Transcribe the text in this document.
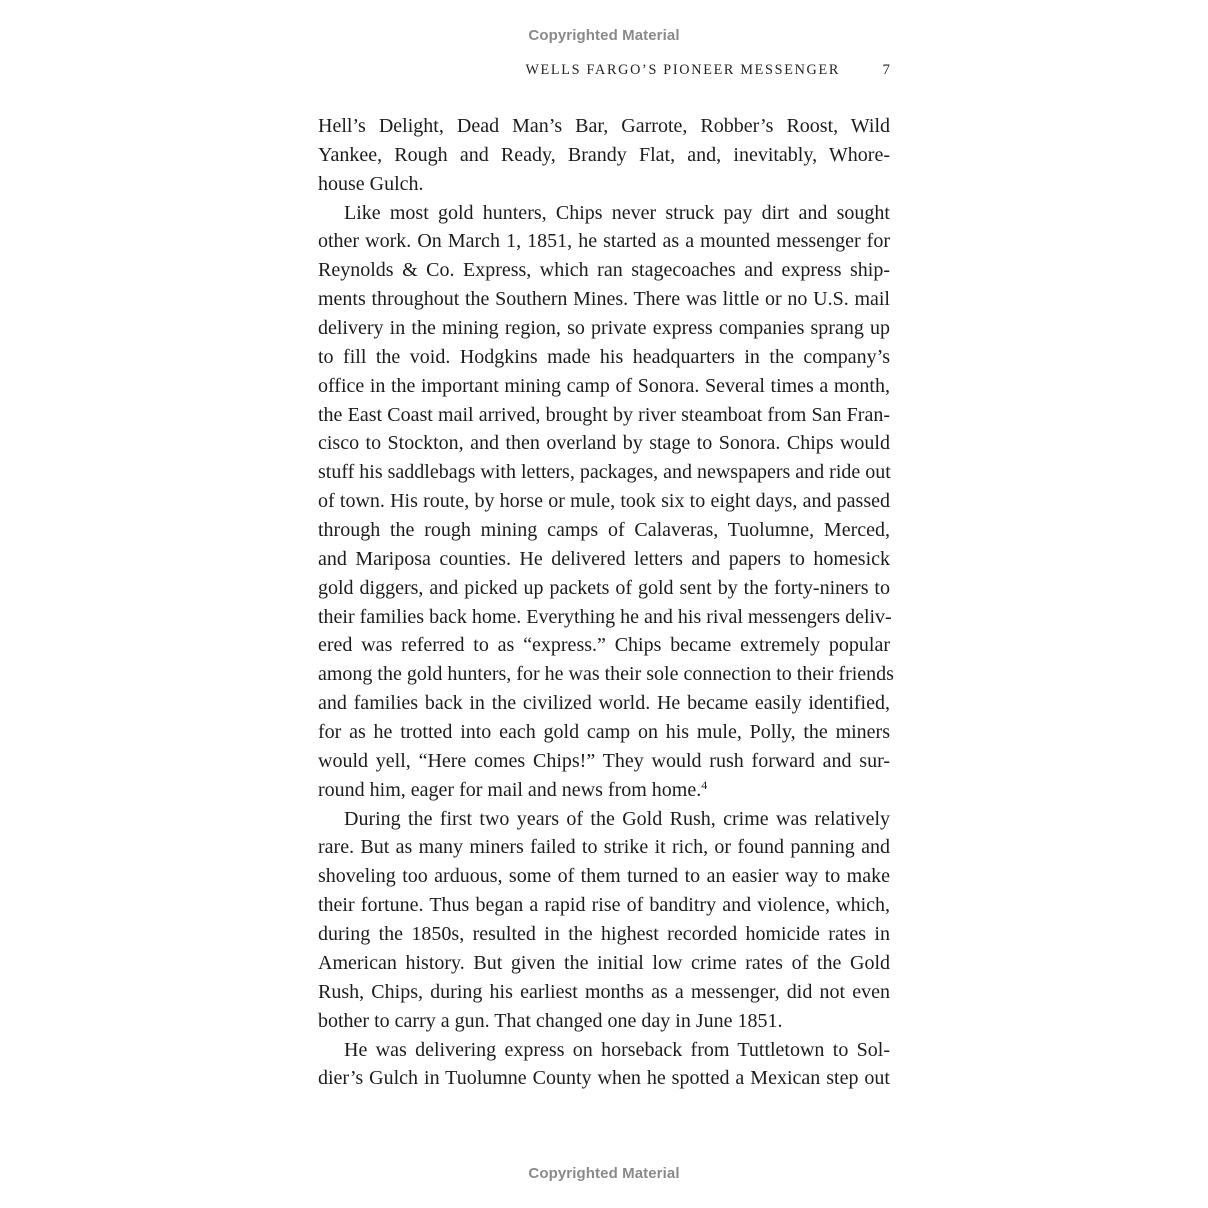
Copyrighted Material
WELLS FARGO’S PIONEER MESSENGER	7
Hell’s Delight, Dead Man’s Bar, Garrote, Robber’s Roost, Wild
Yankee, Rough and Ready, Brandy Flat, and, inevitably, Whore-
house Gulch.
Like most gold hunters, Chips never struck pay dirt and sought
other work. On March 1, 1851, he started as a mounted messenger for
Reynolds & Co. Express, which ran stagecoaches and express ship-
ments throughout the Southern Mines. There was little or no U.S. mail
delivery in the mining region, so private express companies sprang up
to fill the void. Hodgkins made his headquarters in the company’s
office in the important mining camp of Sonora. Several times a month,
the East Coast mail arrived, brought by river steamboat from San Fran-
cisco to Stockton, and then overland by stage to Sonora. Chips would
stuff his saddlebags with letters, packages, and newspapers and ride out
of town. His route, by horse or mule, took six to eight days, and passed
through the rough mining camps of Calaveras, Tuolumne, Merced,
and Mariposa counties. He delivered letters and papers to homesick
gold diggers, and picked up packets of gold sent by the forty-niners to
their families back home. Everything he and his rival messengers deliv-
ered was referred to as “express.” Chips became extremely popular
among the gold hunters, for he was their sole connection to their friends
and families back in the civilized world. He became easily identified,
for as he trotted into each gold camp on his mule, Polly, the miners
would yell, “Here comes Chips!” They would rush forward and sur-
round him, eager for mail and news from home.$^4$
During the first two years of the Gold Rush, crime was relatively
rare. But as many miners failed to strike it rich, or found panning and
shoveling too arduous, some of them turned to an easier way to make
their fortune. Thus began a rapid rise of banditry and violence, which,
during the 1850s, resulted in the highest recorded homicide rates in
American history. But given the initial low crime rates of the Gold
Rush, Chips, during his earliest months as a messenger, did not even
bother to carry a gun. That changed one day in June 1851.
He was delivering express on horseback from Tuttletown to Sol-
dier’s Gulch in Tuolumne County when he spotted a Mexican step out
Copyrighted Material
